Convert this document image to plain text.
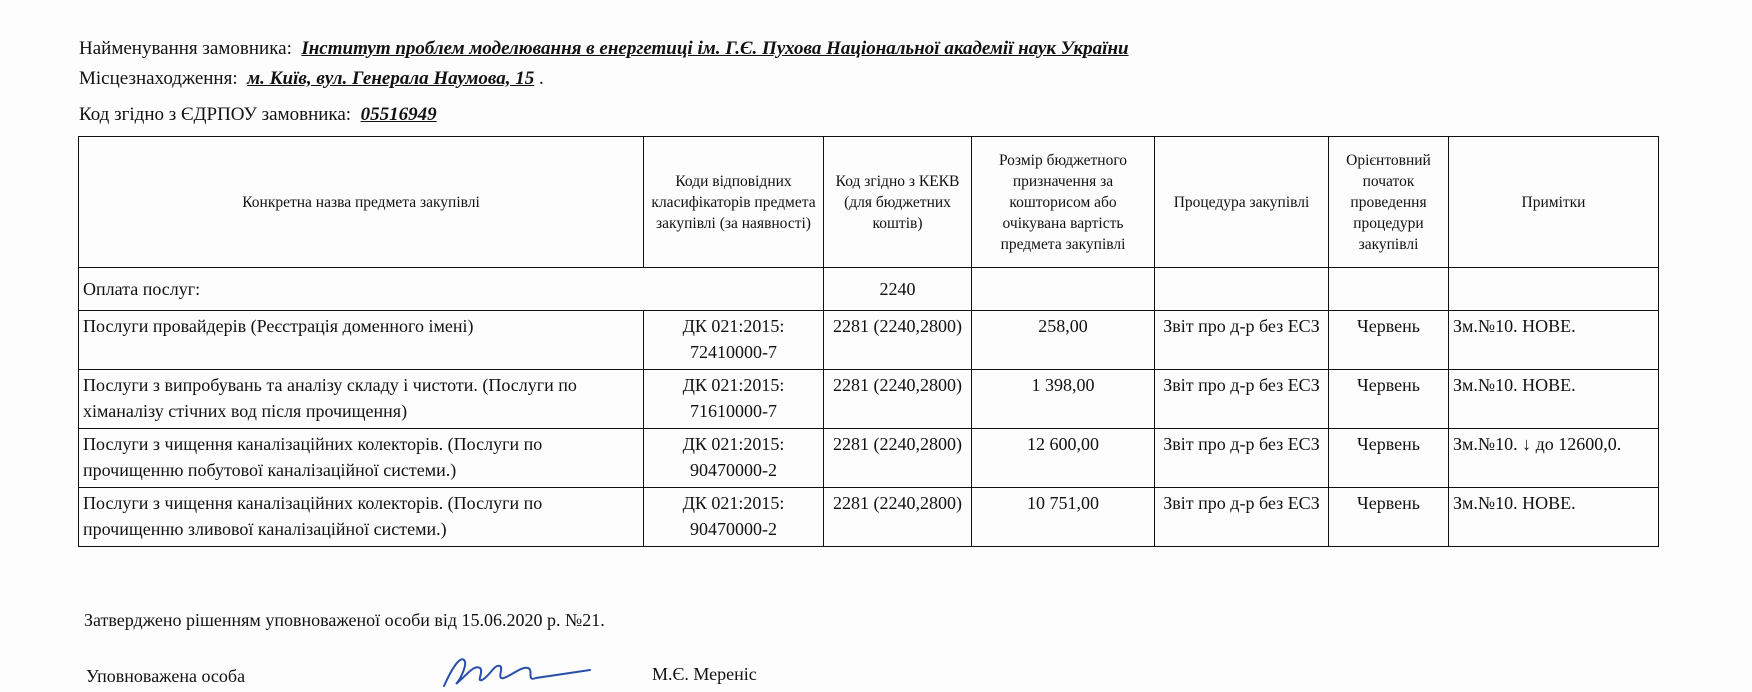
Найменування замовника: Інститут проблем моделювання в енергетиці ім. Г.Є. Пухова Національної академії наук України
Місцезнаходження: м. Київ, вул. Генерала Наумова, 15 .
Код згідно з ЄДРПОУ замовника: 05516949
Конкретна назва предмета закупівлі	Коди відповідних класифікаторів предмета закупівлі (за наявності)	Код згідно з КЕКВ (для бюджетних коштів)	Розмір бюджетного призначення за кошторисом або очікувана вартість предмета закупівлі	Процедура закупівлі	Орієнтовний початок проведення процедури закупівлі	Примітки
Оплата послуг:		2240				
Послуги провайдерів (Реєстрація доменного імені)	ДК 021:2015: 72410000-7	2281 (2240,2800)	258,00	Звіт про д-р без ЕСЗ	Червень	Зм.№10. НОВЕ.
Послуги з випробувань та аналізу складу і чистоти. (Послуги по хіманалізу стічних вод після прочищення)	ДК 021:2015: 71610000-7	2281 (2240,2800)	1 398,00	Звіт про д-р без ЕСЗ	Червень	Зм.№10. НОВЕ.
Послуги з чищення каналізаційних колекторів. (Послуги по прочищенню побутової каналізаційної системи.)	ДК 021:2015: 90470000-2	2281 (2240,2800)	12 600,00	Звіт про д-р без ЕСЗ	Червень	Зм.№10. ↓ до 12600,0.
Послуги з чищення каналізаційних колекторів. (Послуги по прочищенню зливової каналізаційної системи.)	ДК 021:2015: 90470000-2	2281 (2240,2800)	10 751,00	Звіт про д-р без ЕСЗ	Червень	Зм.№10. НОВЕ.
Затверджено рішенням уповноваженої особи від 15.06.2020 р. №21.
Уповноважена особа	М.Є. Мереніс
